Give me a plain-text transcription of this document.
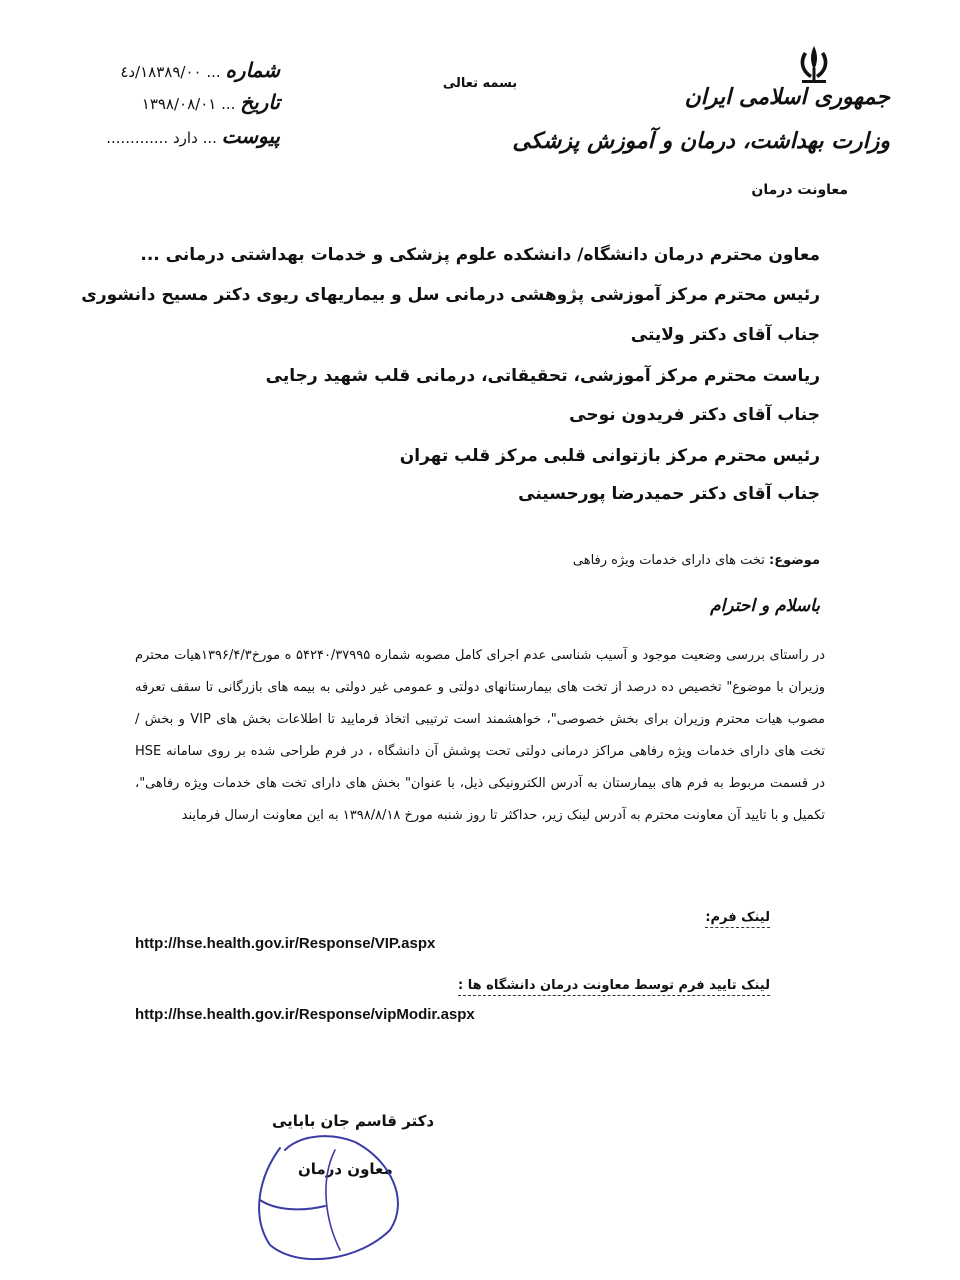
جمهوری اسلامی ایران
وزارت بهداشت، درمان و آموزش پزشکی
معاونت درمان
بسمه تعالی
شماره ... ۱۸۳۸۹/۰۰/د٤
تاریخ ... ۱۳۹۸/۰۸/۰۱
پیوست ... دارد .............
معاون محترم درمان دانشگاه/ دانشکده علوم پزشکی و خدمات بهداشتی درمانی ...
رئیس محترم مرکز آموزشی پژوهشی درمانی سل و بیماریهای ریوی دکتر مسیح دانشوری
جناب آقای دکتر ولایتی
ریاست محترم مرکز آموزشی، تحقیقاتی، درمانی قلب شهید رجایی
جناب آقای دکتر فریدون نوحی
رئیس محترم مرکز بازتوانی قلبی مرکز قلب تهران
جناب آقای دکتر حمیدرضا پورحسینی
موضوع: تخت های دارای خدمات ویژه رفاهی
باسلام و احترام
در راستای بررسی وضعیت موجود و آسیب شناسی عدم اجرای کامل مصوبه شماره ۵۴۲۴۰/۳۷۹۹۵ ه مورخ۱۳۹۶/۴/۳هیات محترم وزیران با موضوع" تخصیص ده درصد از تخت های بیمارستانهای دولتی و عمومی غیر دولتی به بیمه های بازرگانی تا سقف تعرفه مصوب هیات محترم وزیران برای بخش خصوصی"، خواهشمند است ترتیبی اتخاذ فرمایید تا اطلاعات بخش های VIP و بخش / تخت های دارای خدمات ویژه رفاهی مراکز درمانی دولتی تحت پوشش آن دانشگاه ، در فرم طراحی شده بر روی سامانه HSE در قسمت مربوط به فرم های بیمارستان به آدرس الکترونیکی ذیل، با عنوان" بخش های دارای تخت های خدمات ویژه رفاهی"، تکمیل و با تایید آن معاونت محترم به آدرس لینک زیر، حداکثر تا روز شنبه مورخ ۱۳۹۸/۸/۱۸ به این معاونت ارسال فرمایند
لینک فرم:
http://hse.health.gov.ir/Response/VIP.aspx
لینک تایید فرم توسط معاونت درمان دانشگاه ها :
http://hse.health.gov.ir/Response/vipModir.aspx
دکتر قاسم جان بابایی
معاون درمان
